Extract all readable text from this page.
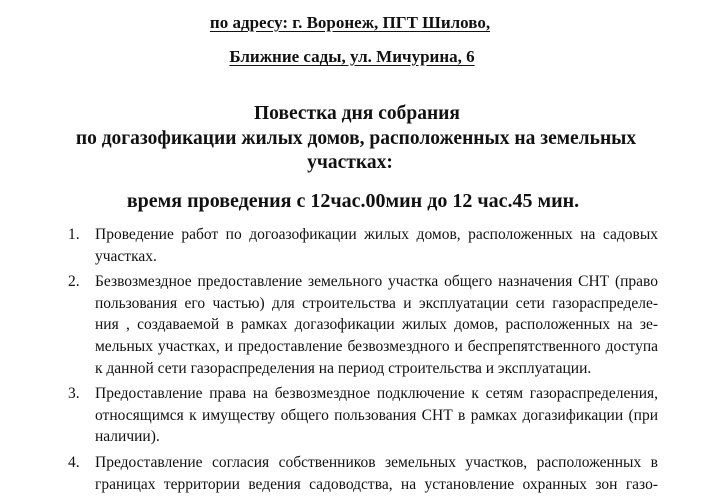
по адресу: г. Воронеж, ПГТ Шилово,
Ближние сады, ул. Мичурина, 6
Повестка дня собрания
по догазофикации жилых домов, расположенных на земельных
участках:
время проведения с 12час.00мин до 12 час.45 мин.
1. Проведение работ по догоазофикации жилых домов, расположенных на садовых
участках.
2. Безвозмездное предоставление земельного участка общего назначения СНТ (право
пользования его частью) для строительства и эксплуатации сети газораспределе-
ния , создаваемой в рамках догазофикации жилых домов, расположенных на зе-
мельных участках, и предоставление безвозмездного и беспрепятственного доступа
к данной сети газораспределения на период строительства и эксплуатации.
3. Предоставление права на безвозмездное подключение к сетям газораспределения,
относящимся к имуществу общего пользования СНТ в рамках догазификации (при
наличии).
4. Предоставление согласия собственников земельных участков, расположенных в
границах территории ведения садоводства, на установление охранных зон газо-
